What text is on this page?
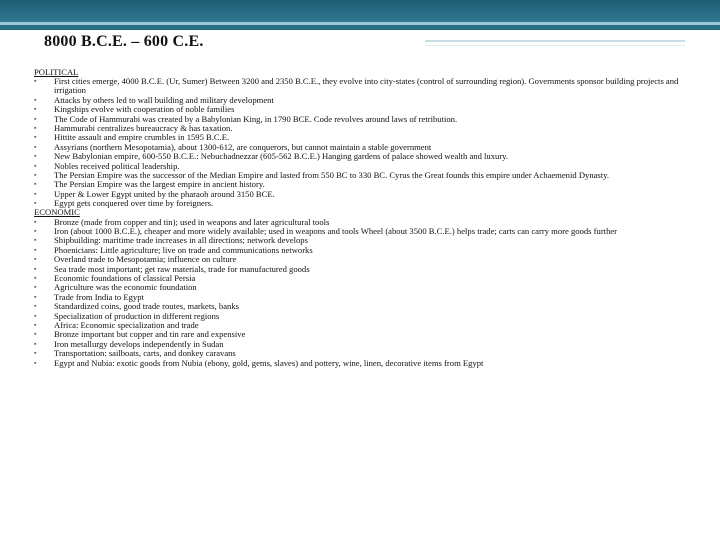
8000 B.C.E. – 600 C.E.
POLITICAL
▪ First cities emerge, 4000 B.C.E. (Ur, Sumer) Between 3200 and 2350 B.C.E., they evolve into city-states (control of surrounding region). Governments sponsor building projects and irrigation
▪ Attacks by others led to wall building and military development
▪ Kingships evolve with cooperation of noble families
▪ The Code of Hammurabi was created by a Babylonian King, in 1790 BCE. Code revolves around laws of retribution.
▪ Hammurabi centralizes bureaucracy & has taxation.
▪ Hittite assault and empire crumbles in 1595 B.C.E.
▪ Assyrians (northern Mesopotamia), about 1300-612, are conquerors, but cannot maintain a stable government
▪ New Babylonian empire, 600-550 B.C.E.: Nebuchadnezzar (605-562 B.C.E.) Hanging gardens of palace showed wealth and luxury.
▪ Nobles received political leadership.
▪ The Persian Empire was the successor of the Median Empire and lasted from 550 BC to 330 BC. Cyrus the Great founds this empire under Achaemenid Dynasty.
▪ The Persian Empire was the largest empire in ancient history.
▪ Upper & Lower Egypt united by the pharaoh around 3150 BCE.
▪ Egypt gets conquered over time by foreigners.
ECONOMIC
▪ Bronze (made from copper and tin); used in weapons and later agricultural tools
▪ Iron (about 1000 B.C.E.), cheaper and more widely available; used in weapons and tools Wheel (about 3500 B.C.E.) helps trade; carts can carry more goods further
▪ Shipbuilding: maritime trade increases in all directions; network develops
▪ Phoenicians: Little agriculture; live on trade and communications networks
▪ Overland trade to Mesopotamia; influence on culture
▪ Sea trade most important; get raw materials, trade for manufactured goods
▪ Economic foundations of classical Persia
▪ Agriculture was the economic foundation
▪ Trade from India to Egypt
▪ Standardized coins, good trade routes, markets, banks
▪ Specialization of production in different regions
▪ Africa: Economic specialization and trade
▪ Bronze important but copper and tin rare and expensive
▪ Iron metallurgy develops independently in Sudan
▪ Transportation: sailboats, carts, and donkey caravans
▪ Egypt and Nubia: exotic goods from Nubia (ebony, gold, gems, slaves) and pottery, wine, linen, decorative items from Egypt
